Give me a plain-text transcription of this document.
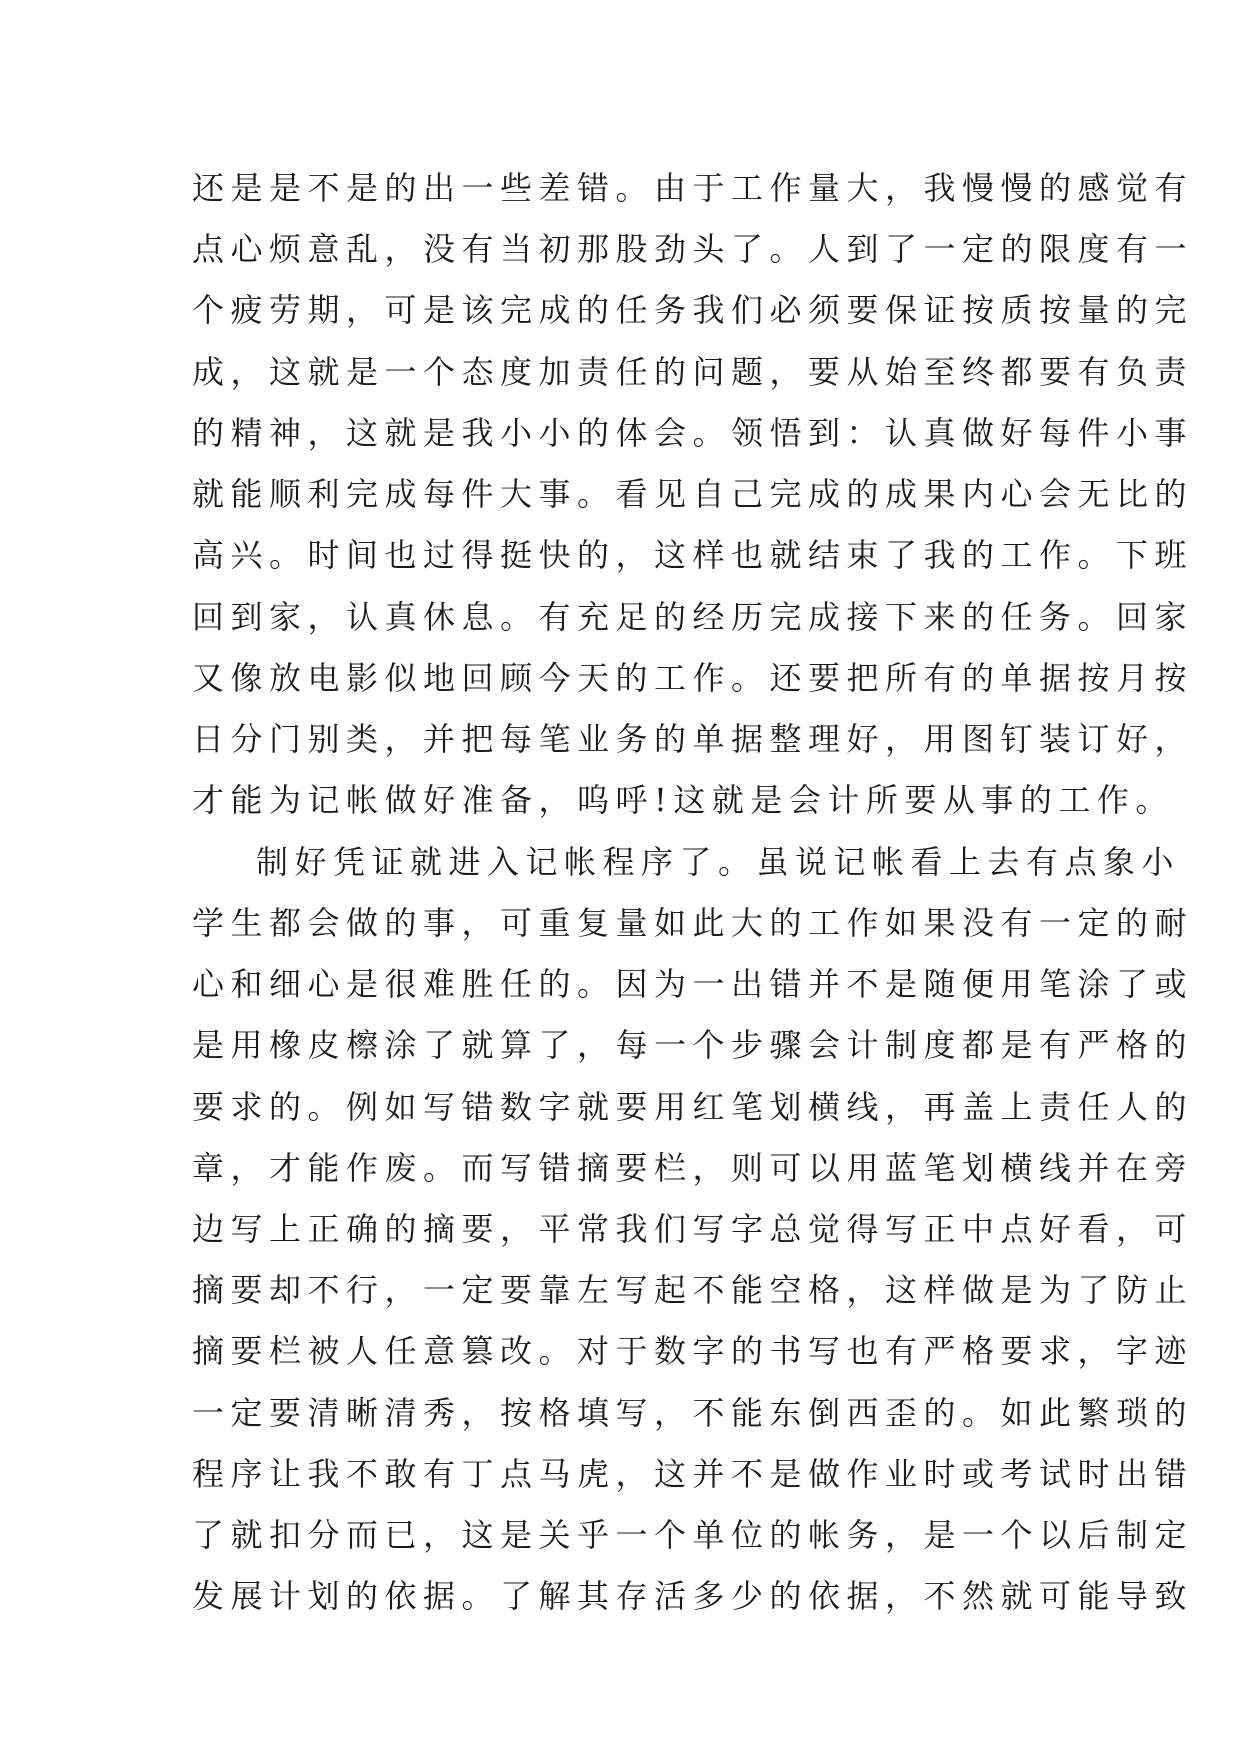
还是是不是的出一些差错。由于工作量大，我慢慢的感觉有
点心烦意乱，没有当初那股劲头了。人到了一定的限度有一
个疲劳期，可是该完成的任务我们必须要保证按质按量的完
成，这就是一个态度加责任的问题，要从始至终都要有负责
的精神，这就是我小小的体会。领悟到：认真做好每件小事
就能顺利完成每件大事。看见自己完成的成果内心会无比的
高兴。时间也过得挺快的，这样也就结束了我的工作。下班
回到家，认真休息。有充足的经历完成接下来的任务。回家
又像放电影似地回顾今天的工作。还要把所有的单据按月按
日分门别类，并把每笔业务的单据整理好，用图钉装订好，
才能为记帐做好准备，呜呼!这就是会计所要从事的工作。
制好凭证就进入记帐程序了。虽说记帐看上去有点象小
学生都会做的事，可重复量如此大的工作如果没有一定的耐
心和细心是很难胜任的。因为一出错并不是随便用笔涂了或
是用橡皮檫涂了就算了，每一个步骤会计制度都是有严格的
要求的。例如写错数字就要用红笔划横线，再盖上责任人的
章，才能作废。而写错摘要栏，则可以用蓝笔划横线并在旁
边写上正确的摘要，平常我们写字总觉得写正中点好看，可
摘要却不行，一定要靠左写起不能空格，这样做是为了防止
摘要栏被人任意篡改。对于数字的书写也有严格要求，字迹
一定要清晰清秀，按格填写，不能东倒西歪的。如此繁琐的
程序让我不敢有丁点马虎，这并不是做作业时或考试时出错
了就扣分而已，这是关乎一个单位的帐务，是一个以后制定
发展计划的依据。了解其存活多少的依据，不然就可能导致
